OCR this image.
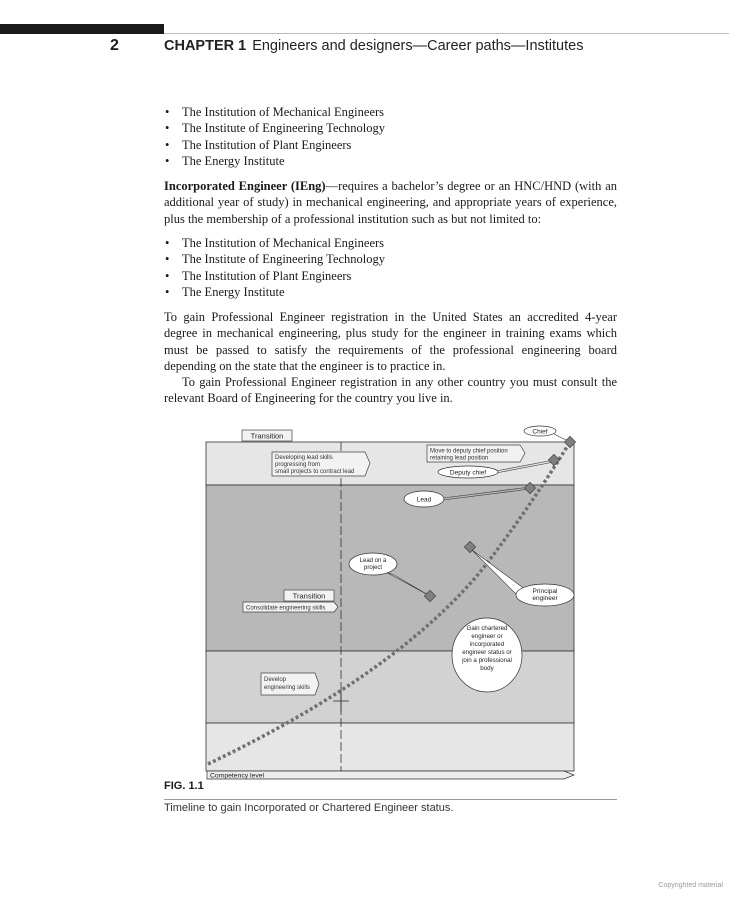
2	CHAPTER 1 Engineers and designers—Career paths—Institutes
• The Institution of Mechanical Engineers
• The Institute of Engineering Technology
• The Institution of Plant Engineers
• The Energy Institute

Incorporated Engineer (IEng)—requires a bachelor’s degree or an HNC/HND (with an additional year of study) in mechanical engineering, and appropriate years of experience, plus the membership of a professional institution such as but not limited to:

• The Institution of Mechanical Engineers
• The Institute of Engineering Technology
• The Institution of Plant Engineers
• The Energy Institute

To gain Professional Engineer registration in the United States an accredited 4-year degree in mechanical engineering, plus study for the engineer in training exams which must be passed to satisfy the requirements of the professional engineering board depending on the state that the engineer is to practice in.

To gain Professional Engineer registration in any other country you must consult the relevant Board of Engineering for the country you live in.

Competency level
Transition
Developing lead skills
progressing from
small projects to contract lead
Move to deputy chief position
retaining lead position
Chief
Deputy chief
Lead
Lead on a
project
Principal
engineer
Gain chartered
engineer or
incorporated
engineer status or
join a professional
body
Transition
Consolidate engineering skills
Develop
engineering skills
FIG. 1.1
Timeline to gain Incorporated or Chartered Engineer status.
Copyrighted material
